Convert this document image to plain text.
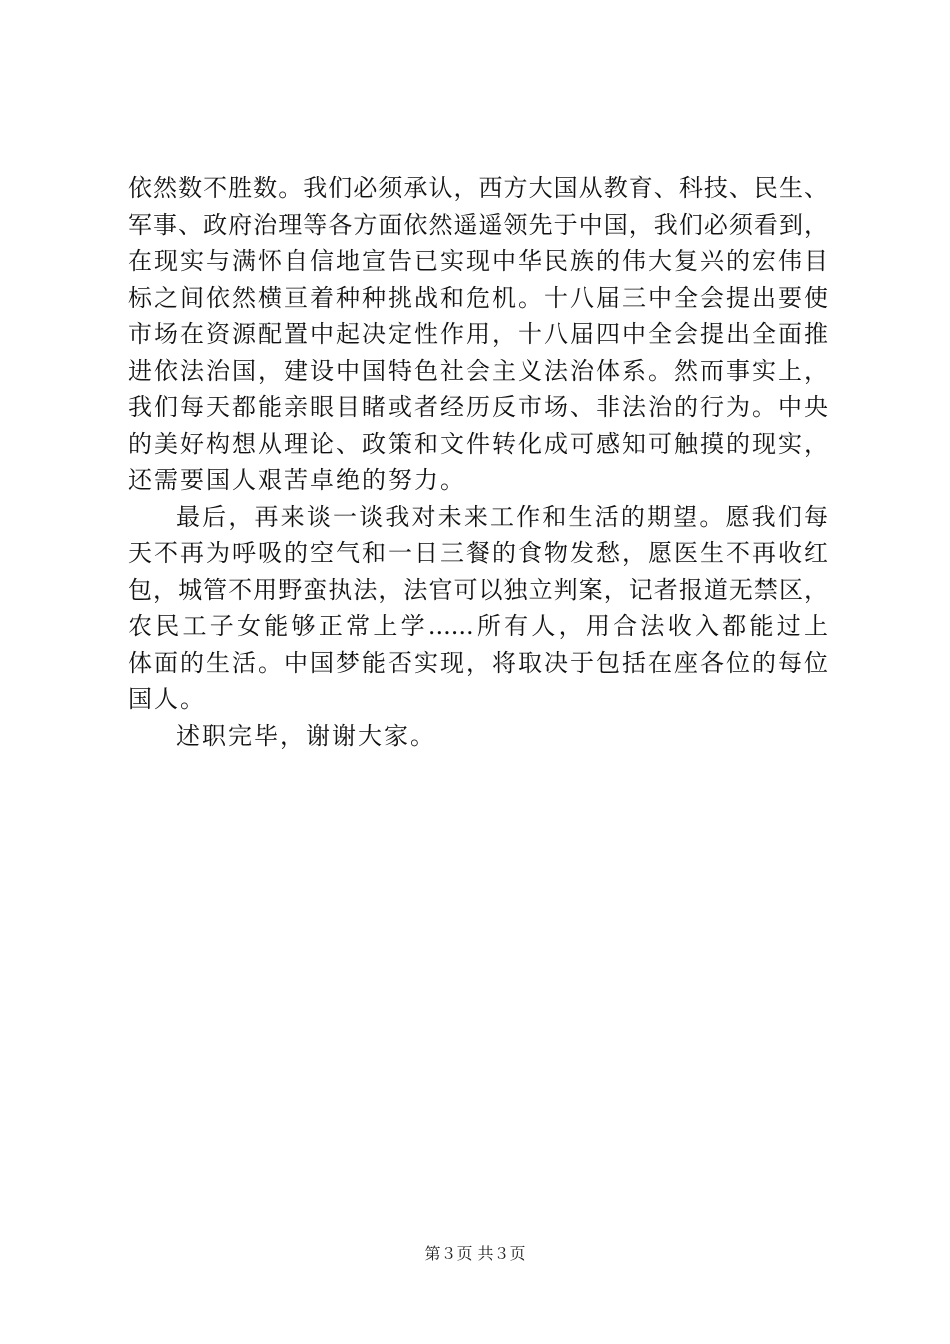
依然数不胜数。我们必须承认，西方大国从教育、科技、民生、
军事、政府治理等各方面依然遥遥领先于中国，我们必须看到，
在现实与满怀自信地宣告已实现中华民族的伟大复兴的宏伟目
标之间依然横亘着种种挑战和危机。十八届三中全会提出要使
市场在资源配置中起决定性作用，十八届四中全会提出全面推
进依法治国，建设中国特色社会主义法治体系。然而事实上，
我们每天都能亲眼目睹或者经历反市场、非法治的行为。中央
的美好构想从理论、政策和文件转化成可感知可触摸的现实，
还需要国人艰苦卓绝的努力。
最后，再来谈一谈我对未来工作和生活的期望。愿我们每
天不再为呼吸的空气和一日三餐的食物发愁，愿医生不再收红
包，城管不用野蛮执法，法官可以独立判案，记者报道无禁区，
农民工子女能够正常上学......所有人，用合法收入都能过上
体面的生活。中国梦能否实现，将取决于包括在座各位的每位
国人。
述职完毕，谢谢大家。
第３页 共３页
